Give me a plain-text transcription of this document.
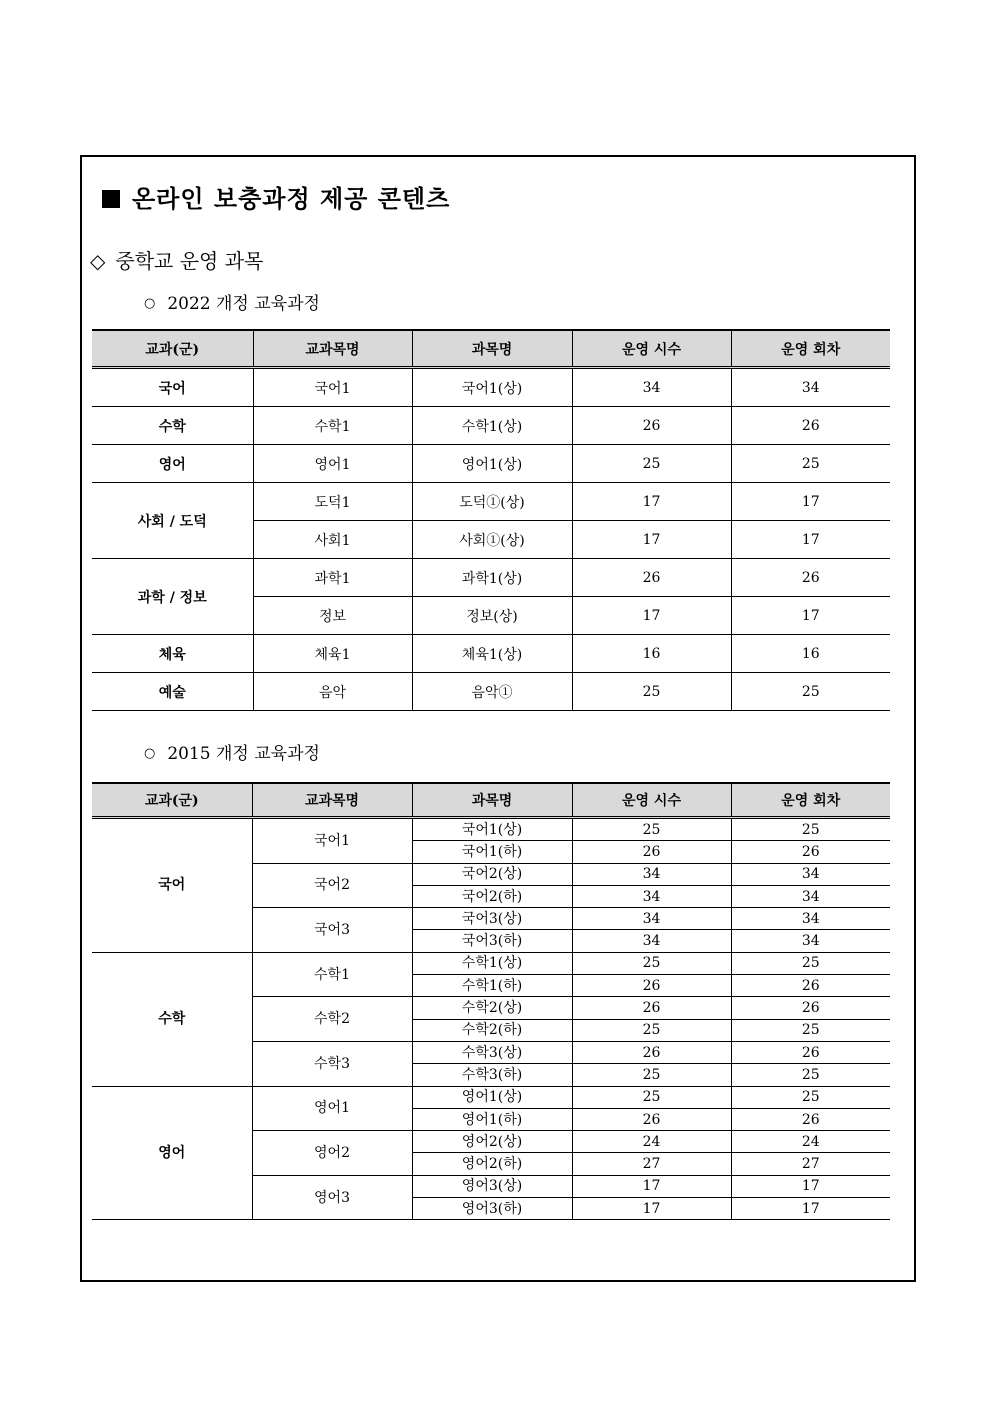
온라인 보충과정 제공 콘텐츠
◇ 중학교 운영 과목
○ 2022 개정 교육과정
교과(군)	교과목명	과목명	운영 시수	운영 회차
국어	국어1	국어1(상)	34	34
수학	수학1	수학1(상)	26	26
영어	영어1	영어1(상)	25	25
사회 / 도덕	도덕1	도덕①(상)	17	17
	사회1	사회①(상)	17	17
과학 / 정보	과학1	과학1(상)	26	26
	정보	정보(상)	17	17
체육	체육1	체육1(상)	16	16
예술	음악	음악①	25	25
○ 2015 개정 교육과정
교과(군)	교과목명	과목명	운영 시수	운영 회차
국어	국어1	국어1(상)	25	25
		국어1(하)	26	26
	국어2	국어2(상)	34	34
		국어2(하)	34	34
	국어3	국어3(상)	34	34
		국어3(하)	34	34
수학	수학1	수학1(상)	25	25
		수학1(하)	26	26
	수학2	수학2(상)	26	26
		수학2(하)	25	25
	수학3	수학3(상)	26	26
		수학3(하)	25	25
영어	영어1	영어1(상)	25	25
		영어1(하)	26	26
	영어2	영어2(상)	24	24
		영어2(하)	27	27
	영어3	영어3(상)	17	17
		영어3(하)	17	17
